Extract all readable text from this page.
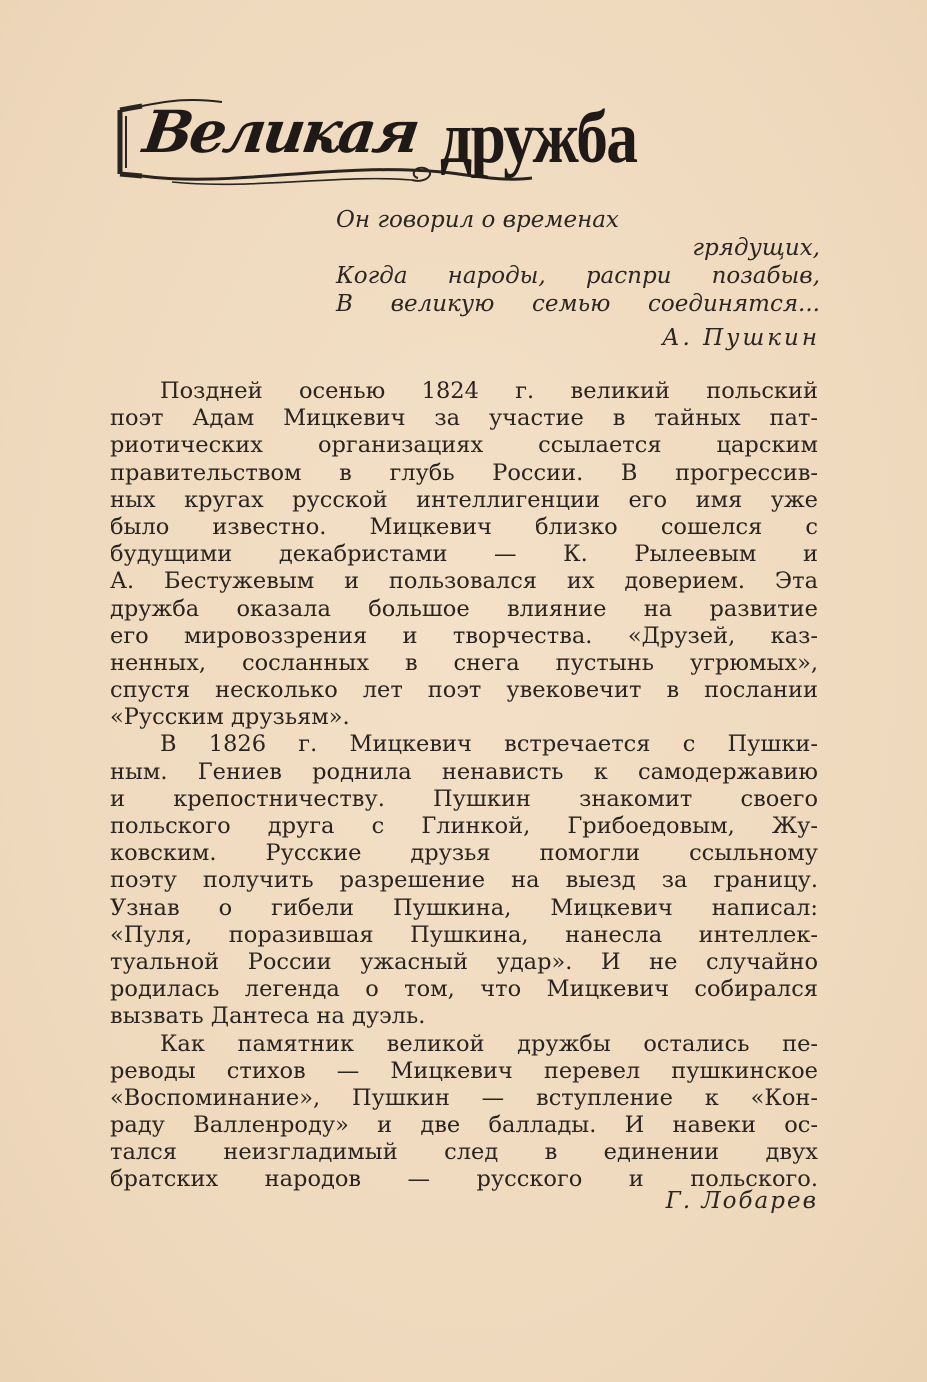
Великая дружба
Он говорил о временах
грядущих,
Когда народы, распри позабыв,
В великую семью соединятся...
А. Пушкин
Поздней осенью 1824 г. великий польский
поэт Адам Мицкевич за участие в тайных пат-
риотических организациях ссылается царским
правительством в глубь России. В прогрессив-
ных кругах русской интеллигенции его имя уже
было известно. Мицкевич близко сошелся с
будущими декабристами — К. Рылеевым и
А. Бестужевым и пользовался их доверием. Эта
дружба оказала большое влияние на развитие
его мировоззрения и творчества. «Друзей, каз-
ненных, сосланных в снега пустынь угрюмых»,
спустя несколько лет поэт увековечит в послании
«Русским друзьям».
В 1826 г. Мицкевич встречается с Пушки-
ным. Гениев роднила ненависть к самодержавию
и крепостничеству. Пушкин знакомит своего
польского друга с Глинкой, Грибоедовым, Жу-
ковским. Русские друзья помогли ссыльному
поэту получить разрешение на выезд за границу.
Узнав о гибели Пушкина, Мицкевич написал:
«Пуля, поразившая Пушкина, нанесла интеллек-
туальной России ужасный удар». И не случайно
родилась легенда о том, что Мицкевич собирался
вызвать Дантеса на дуэль.
Как памятник великой дружбы остались пе-
реводы стихов — Мицкевич перевел пушкинское
«Воспоминание», Пушкин — вступление к «Кон-
раду Валленроду» и две баллады. И навеки ос-
тался неизгладимый след в единении двух
братских народов — русского и польского.
Г. Лобарев
